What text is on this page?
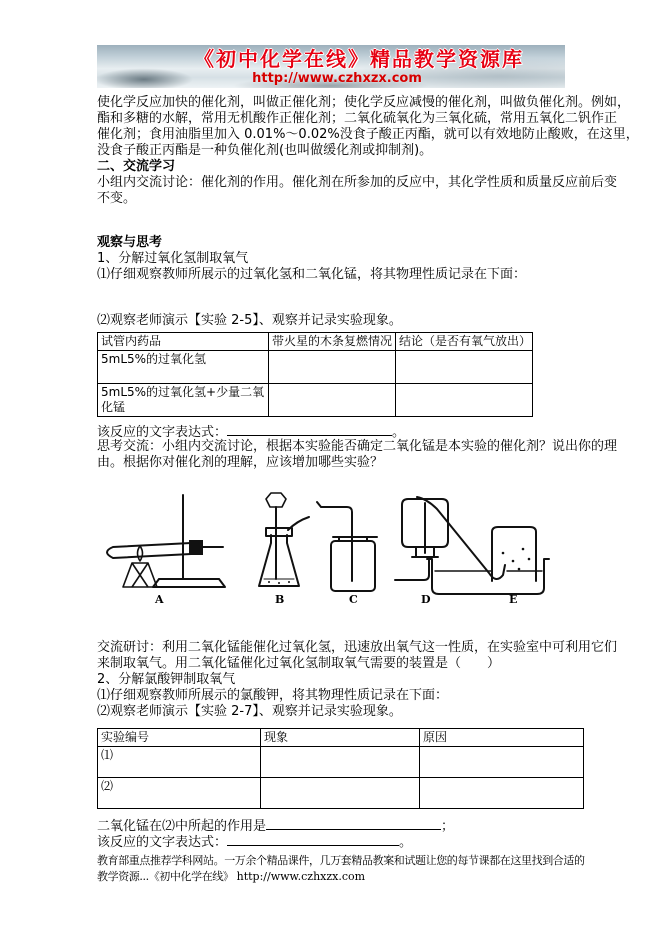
《初中化学在线》精品教学资源库
http://www.czhxzx.com
使化学反应加快的催化剂，叫做正催化剂；使化学反应减慢的催化剂，叫做负催化剂。例如，
酯和多糖的水解，常用无机酸作正催化剂；二氧化硫氧化为三氧化硫，常用五氧化二钒作正
催化剂；食用油脂里加入 0.01%～0.02%没食子酸正丙酯，就可以有效地防止酸败，在这里，
没食子酸正丙酯是一种负催化剂(也叫做缓化剂或抑制剂)。
二、交流学习
小组内交流讨论：催化剂的作用。催化剂在所参加的反应中，其化学性质和质量反应前后变
不变。
观察与思考
1、分解过氧化氢制取氧气
⑴仔细观察教师所展示的过氧化氢和二氧化锰，将其物理性质记录在下面：
⑵观察老师演示【实验 2-5】、观察并记录实验现象。
试管内药品	带火星的木条复燃情况	结论（是否有氧气放出）
5mL5%的过氧化氢		
5mL5%的过氧化氢+少量二氧化锰		
该反应的文字表达式：	。
思考交流：小组内交流讨论，根据本实验能否确定二氧化锰是本实验的催化剂？说出你的理
由。根据你对催化剂的理解，应该增加哪些实验？
A	B	C	D	E
交流研讨：利用二氧化锰能催化过氧化氢，迅速放出氧气这一性质，在实验室中可利用它们
来制取氧气。用二氧化锰催化过氧化氢制取氧气需要的装置是（　　）
2、分解氯酸钾制取氧气
⑴仔细观察教师所展示的氯酸钾，将其物理性质记录在下面：
⑵观察老师演示【实验 2-7】、观察并记录实验现象。
实验编号	现象	原因
⑴		
⑵		
二氧化锰在⑵中所起的作用是	；
该反应的文字表达式：	。
教育部重点推荐学科网站。一万余个精品课件，几万套精品教案和试题让您的每节课都在这里找到合适的
教学资源...《初中化学在线》 http://www.czhxzx.com
